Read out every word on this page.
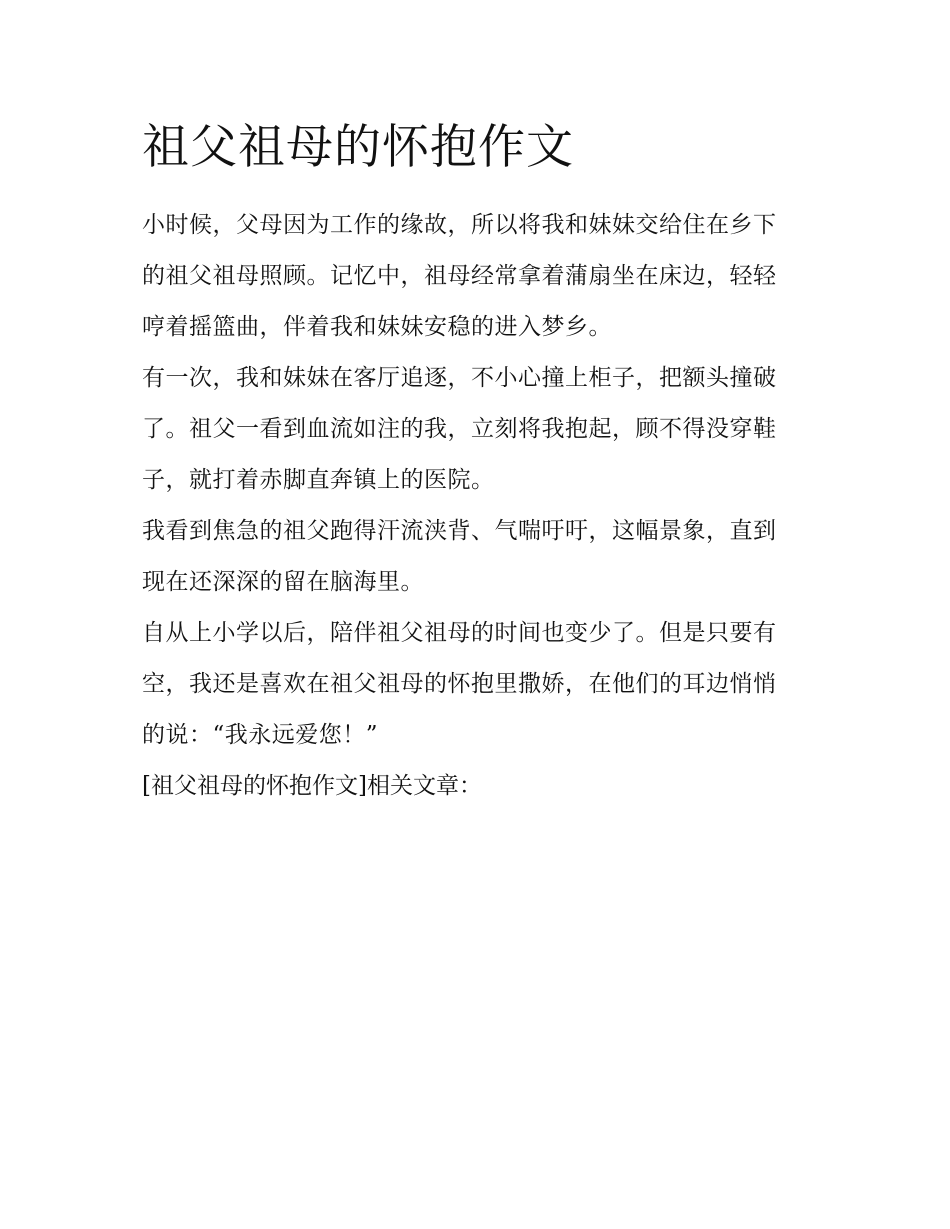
祖父祖母的怀抱作文

小时候，父母因为工作的缘故，所以将我和妹妹交给住在乡下
的祖父祖母照顾。记忆中，祖母经常拿着蒲扇坐在床边，轻轻
哼着摇篮曲，伴着我和妹妹安稳的进入梦乡。

有一次，我和妹妹在客厅追逐，不小心撞上柜子，把额头撞破
了。祖父一看到血流如注的我，立刻将我抱起，顾不得没穿鞋
子，就打着赤脚直奔镇上的医院。

我看到焦急的祖父跑得汗流浃背、气喘吁吁，这幅景象，直到
现在还深深的留在脑海里。

自从上小学以后，陪伴祖父祖母的时间也变少了。但是只要有
空，我还是喜欢在祖父祖母的怀抱里撒娇，在他们的耳边悄悄
的说：“我永远爱您！”

[祖父祖母的怀抱作文]相关文章：
